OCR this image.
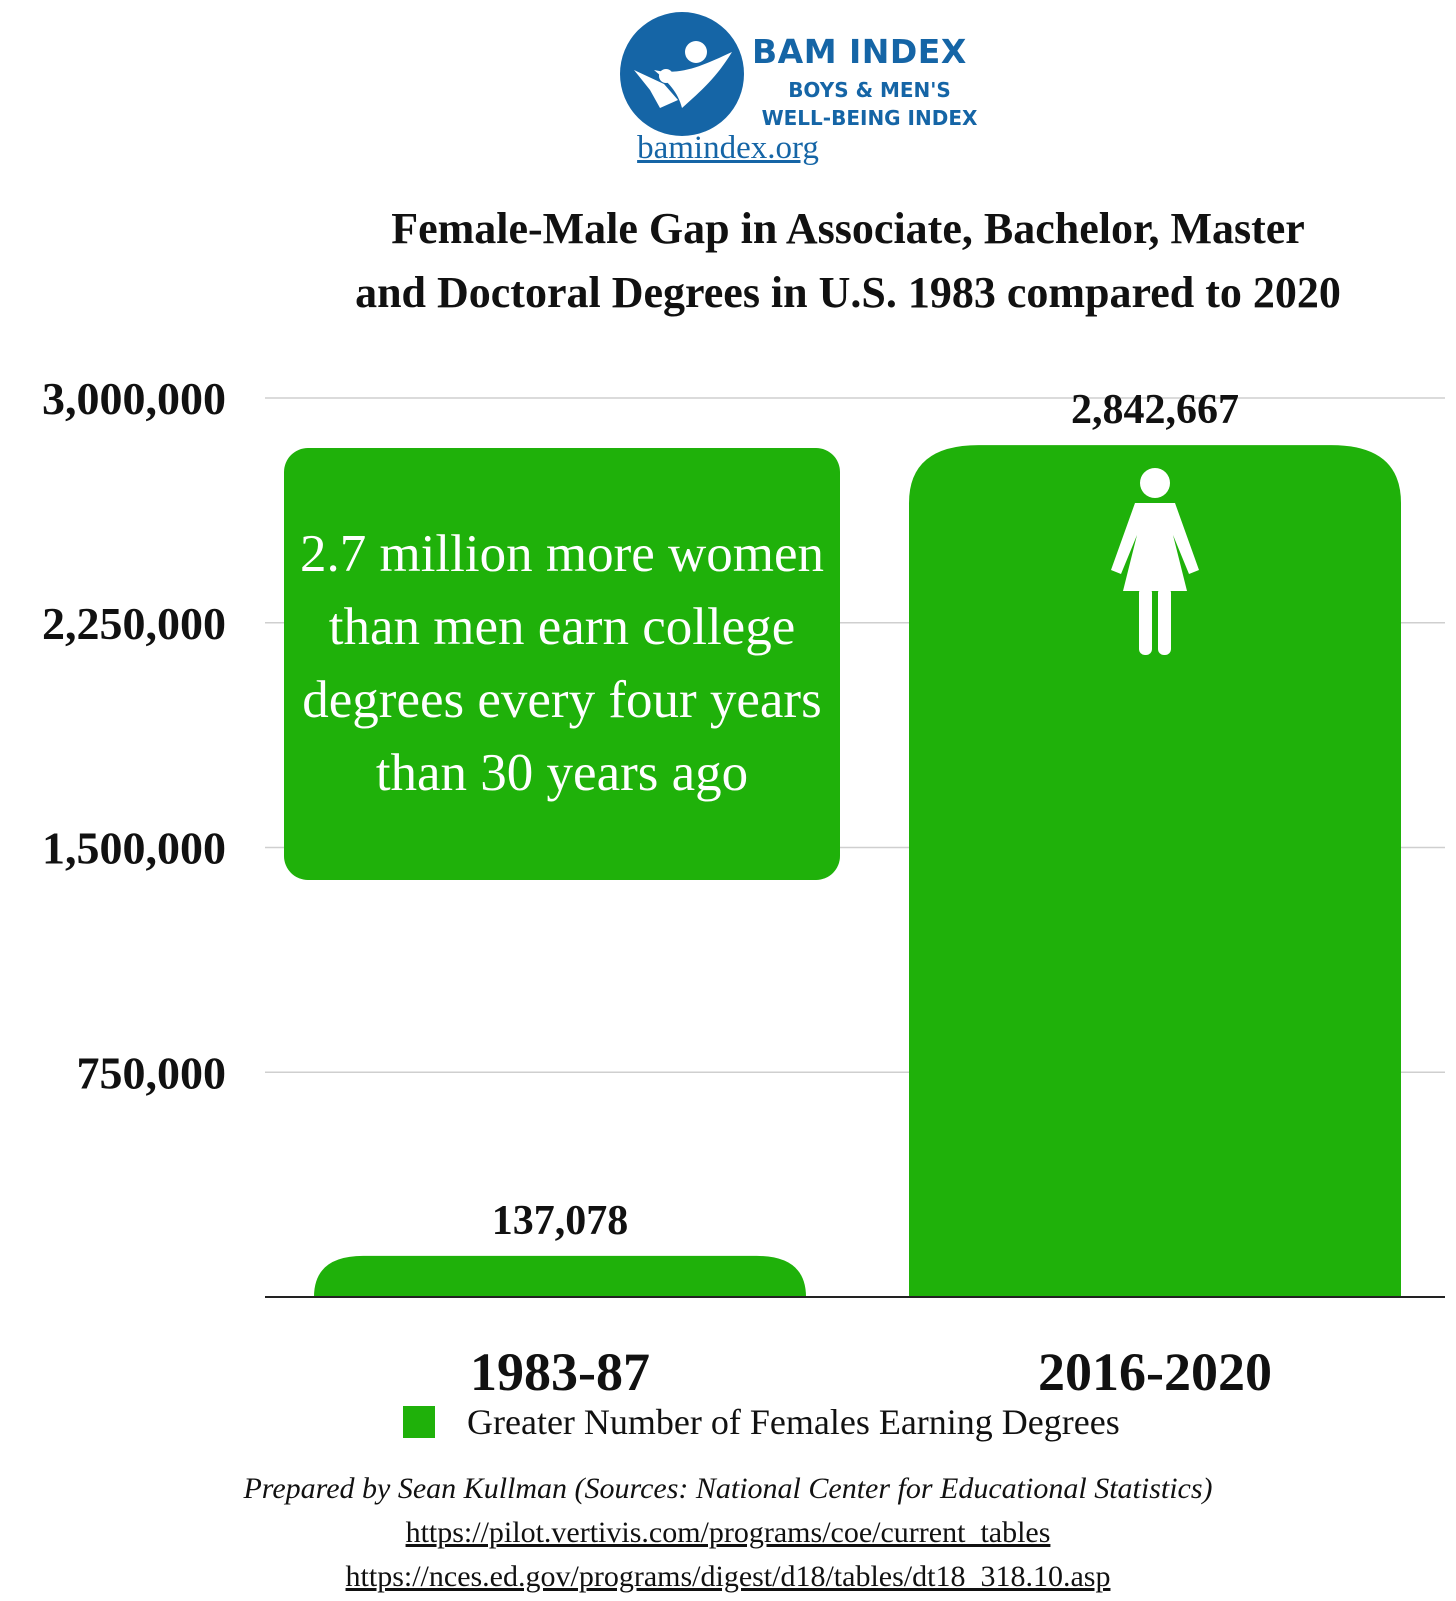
BAM INDEX
BOYS & MEN'S
WELL-BEING INDEX
bamindex.org
Female-Male Gap in Associate, Bachelor, Master
and Doctoral Degrees in U.S. 1983 compared to 2020
750,000
1,500,000
2,250,000
3,000,000
137,078
1983-87
2,842,667
2016-2020
2.7 million more women than men earn college degrees every four years than 30 years ago
Greater Number of Females Earning Degrees
Prepared by Sean Kullman (Sources: National Center for Educational Statistics)
https://pilot.vertivis.com/programs/coe/current_tables
https://nces.ed.gov/programs/digest/d18/tables/dt18_318.10.asp
